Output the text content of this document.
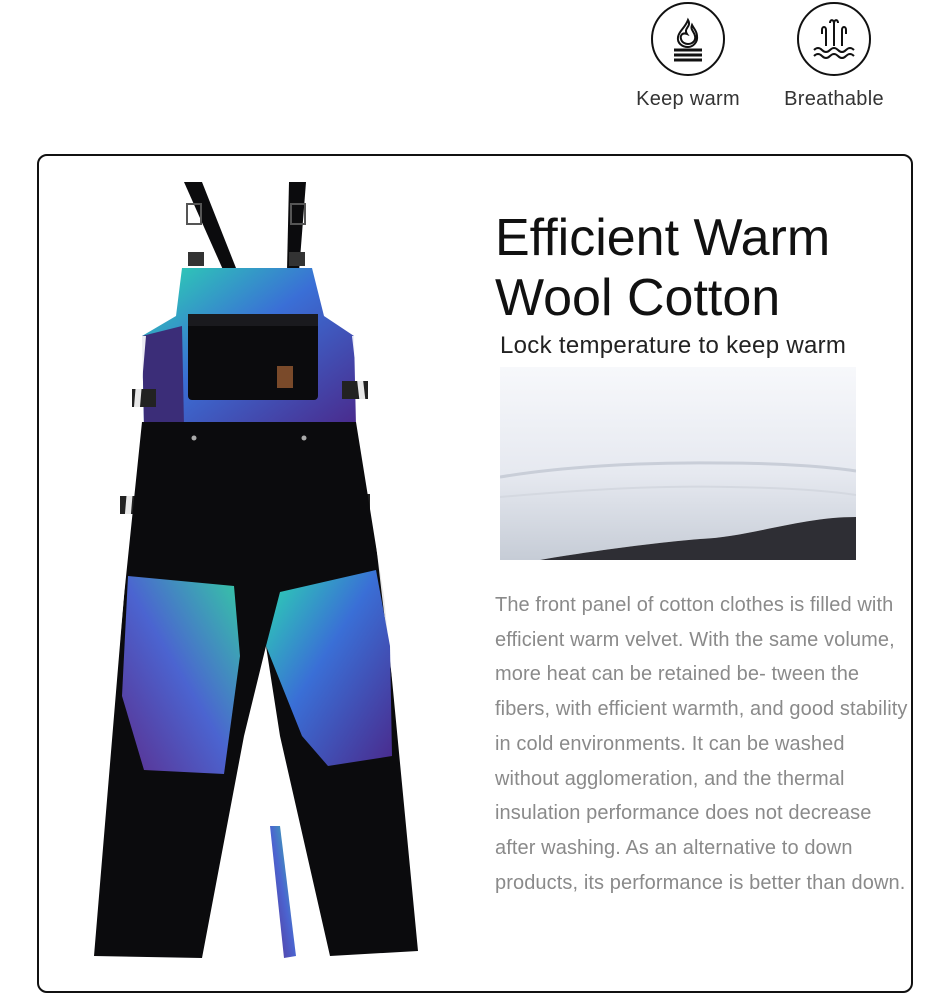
Keep warm	Breathable
Efficient Warm
Wool Cotton
Lock temperature to keep warm
The front panel of cotton clothes is filled with efficient warm velvet. With the same volume, more heat can be retained be- tween the fibers, with efficient warmth, and good stability in cold environments. It can be washed without agglomeration, and the thermal insulation performance does not decrease after washing. As an alternative to down products, its performance is better than down.
